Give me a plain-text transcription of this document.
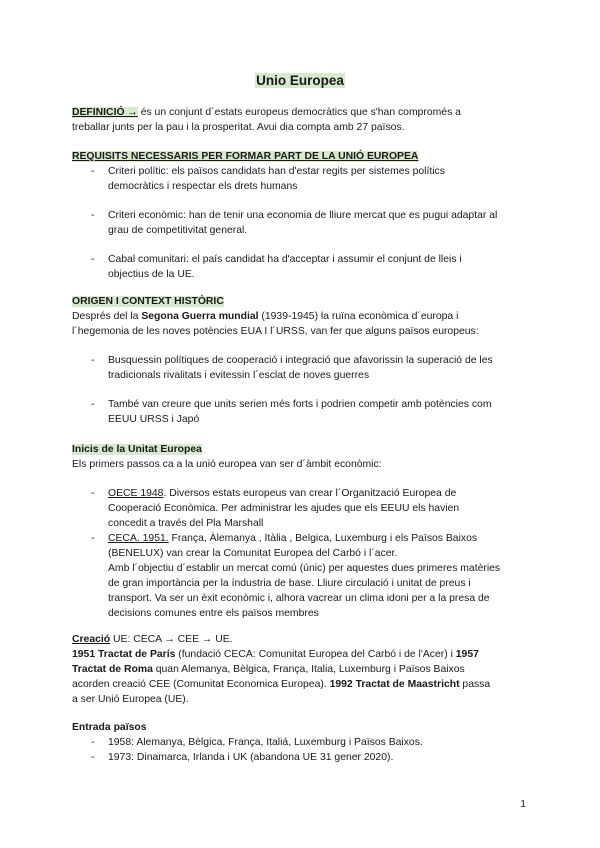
Unio Europea
DEFINICIÓ → és un conjunt d´estats europeus democràtics que s'han compromés a
treballar junts per la pau i la prosperitat. Avui dia compta amb 27 països.
REQUISITS NECESSARIS PER FORMAR PART DE LA UNIÓ EUROPEA
- Criteri polític: els països candidats han d'estar regits per sistemes polítics
democràtics i respectar els drets humans
- Criteri econòmic: han de tenir una economia de lliure mercat que es pugui adaptar al
grau de competitivitat general.
- Cabal comunitari: el país candidat ha d'acceptar i assumir el conjunt de lleis i
objectius de la UE.
ORIGEN I CONTEXT HISTÒRIC
Després del la Segona Guerra mundial (1939-1945) la ruïna econòmica d´europa i
l´hegemonia de les noves potències EUA I l´URSS, van fer que alguns països europeus:
- Busquessin polítiques de cooperació i integració que afavorissin la superació de les
tradicionals rivalitats i evitessin l´esclat de noves guerres
- També van creure que units serien més forts i podrien competir amb potències com
EEUU URSS i Japó
Inicis de la Unitat Europea
Els primers passos ca a la unió europea van ser d´àmbit econòmic:
- OECE 1948. Diversos estats europeus van crear l´Organització Europea de
Cooperació Econòmica. Per administrar les ajudes que els EEUU els havien
concedit a través del Pla Marshall
- CECA. 1951. França, Àlemanya , Itàlia , Belgica, Luxemburg i els Països Baixos
(BENELUX) van crear la Comunitat Europea del Carbó i l´acer.
Amb l´objectiu d´establir un mercat comú (únic) per aquestes dues primeres matèries
de gran importància per la índustria de base. Lliure circulació i unitat de preus i
transport. Va ser un èxit econòmic i, alhora vacrear un clima idoni per a la presa de
decisions comunes entre els països membres
Creació UE: CECA → CEE → UE.
1951 Tractat de París (fundació CECA: Comunitat Europea del Carbó i de l'Acer) i 1957
Tractat de Roma quan Alemanya, Bèlgica, França, Italia, Luxemburg i Països Baixos
acorden creació CEE (Comunitat Economica Europea). 1992 Tractat de Maastricht passa
a ser Unió Europea (UE).
Entrada països
- 1958: Alemanya, Bèlgica, França, Italiá, Luxemburg i Països Baixos.
- 1973: Dinamarca, Irlanda i UK (abandona UE 31 gener 2020).
1
